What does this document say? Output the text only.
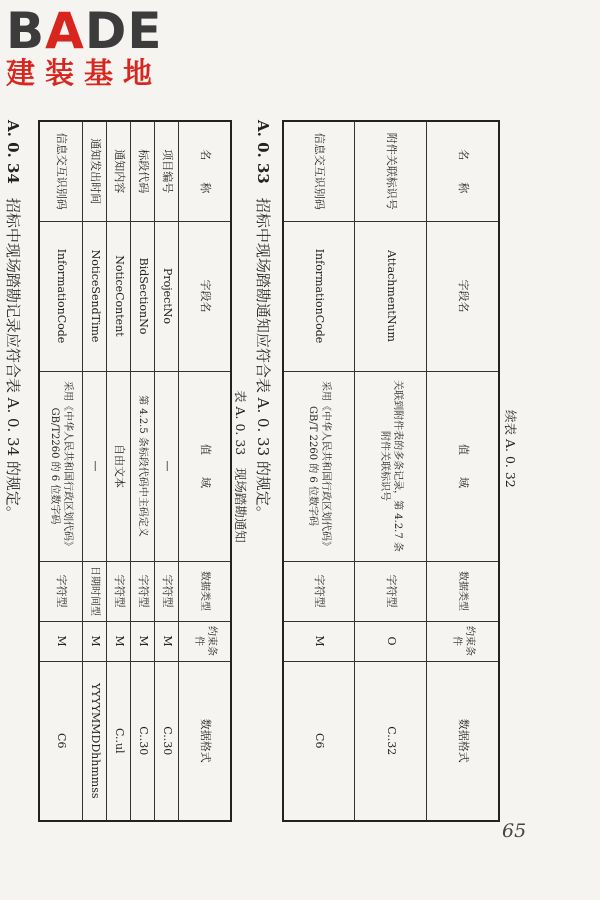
BADE
建装基地
续表 A. 0. 32
名　　称	字段名	值　　域	数据类型	约束条件	数据格式
附件关联标识号	AttachmentNum	关联到附件表的多条记录，第 4.2.7 条附件关联标识号	字符型	O	C..32
信息交互识别码	InformationCode	采用《中华人民共和国行政区划代码》GB/T 2260 的 6 位数字码	字符型	M	C6
A. 0. 33招标中现场踏勘通知应符合表 A. 0. 33 的规定。
表 A. 0. 33　现场踏勘通知
名　　称	字段名	值　　域	数据类型	约束条件	数据格式
项目编号	ProjectNo	—	字符型	M	C..30
标段代码	BidSectionNo	第 4.2.5 条标段代码中主码定义	字符型	M	C..30
通知内容	NoticeContent	自由文本	字符型	M	C..ul
通知发出时间	NoticeSendTime	—	日期时间型	M	YYYYMMDDhhmmss
信息交互识别码	InformationCode	采用《中华人民共和国行政区划代码》GB/T2260 的 6 位数字码	字符型	M	C6
A. 0. 34招标中现场踏勘记录应符合表 A. 0. 34 的规定。
65
